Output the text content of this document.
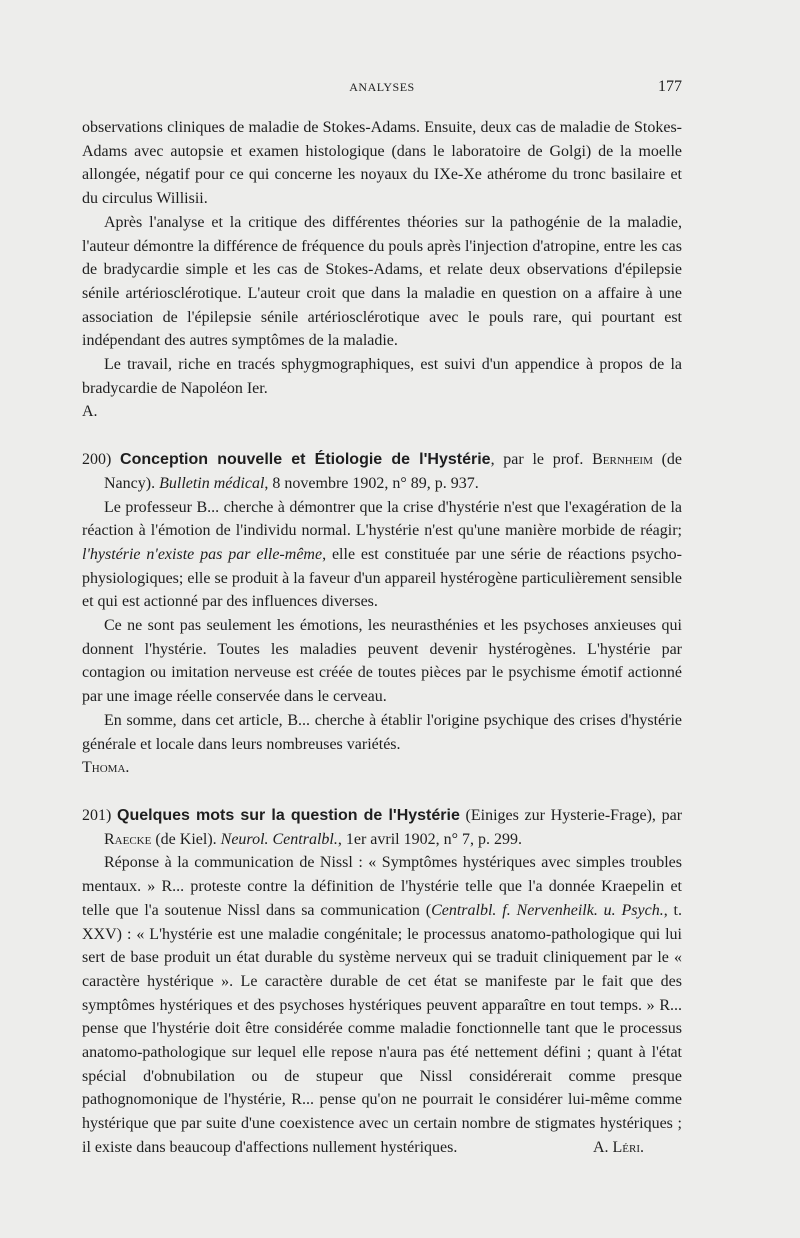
ANALYSES	177

observations cliniques de maladie de Stokes-Adams. Ensuite, deux cas de maladie de Stokes-Adams avec autopsie et examen histologique (dans le laboratoire de Golgi) de la moelle allongée, négatif pour ce qui concerne les noyaux du IXe-Xe athérome du tronc basilaire et du circulus Willisii.

Après l'analyse et la critique des différentes théories sur la pathogénie de la maladie, l'auteur démontre la différence de fréquence du pouls après l'injection d'atropine, entre les cas de bradycardie simple et les cas de Stokes-Adams, et relate deux observations d'épilepsie sénile artériosclérotique. L'auteur croit que dans la maladie en question on a affaire à une association de l'épilepsie sénile artériosclérotique avec le pouls rare, qui pourtant est indépendant des autres symptômes de la maladie.

Le travail, riche en tracés sphygmographiques, est suivi d'un appendice à propos de la bradycardie de Napoléon Ier.

A.

200) Conception nouvelle et Étiologie de l'Hystérie, par le prof. Bernheim (de Nancy). Bulletin médical, 8 novembre 1902, n° 89, p. 937.

Le professeur B... cherche à démontrer que la crise d'hystérie n'est que l'exagération de la réaction à l'émotion de l'individu normal. L'hystérie n'est qu'une manière morbide de réagir; l'hystérie n'existe pas par elle-même, elle est constituée par une série de réactions psycho-physiologiques; elle se produit à la faveur d'un appareil hystérogène particulièrement sensible et qui est actionné par des influences diverses.

Ce ne sont pas seulement les émotions, les neurasthénies et les psychoses anxieuses qui donnent l'hystérie. Toutes les maladies peuvent devenir hystérogènes. L'hystérie par contagion ou imitation nerveuse est créée de toutes pièces par le psychisme émotif actionné par une image réelle conservée dans le cerveau.

En somme, dans cet article, B... cherche à établir l'origine psychique des crises d'hystérie générale et locale dans leurs nombreuses variétés.

Thoma.

201) Quelques mots sur la question de l'Hystérie (Einiges zur Hysterie-Frage), par Raecke (de Kiel). Neurol. Centralbl., 1er avril 1902, n° 7, p. 299.

Réponse à la communication de Nissl : « Symptômes hystériques avec simples troubles mentaux. » R... proteste contre la définition de l'hystérie telle que l'a donnée Kraepelin et telle que l'a soutenue Nissl dans sa communication (Centralbl. f. Nervenheilk. u. Psych., t. XXV) : « L'hystérie est une maladie congénitale; le processus anatomo-pathologique qui lui sert de base produit un état durable du système nerveux qui se traduit cliniquement par le « caractère hystérique ». Le caractère durable de cet état se manifeste par le fait que des symptômes hystériques et des psychoses hystériques peuvent apparaître en tout temps. » R... pense que l'hystérie doit être considérée comme maladie fonctionnelle tant que le processus anatomo-pathologique sur lequel elle repose n'aura pas été nettement défini ; quant à l'état spécial d'obnubilation ou de stupeur que Nissl considérerait comme presque pathognomonique de l'hystérie, R... pense qu'on ne pourrait le considérer lui-même comme hystérique que par suite d'une coexistence avec un certain nombre de stigmates hystériques ; il existe dans beaucoup d'affections nullement hystériques.	A. Léri.
